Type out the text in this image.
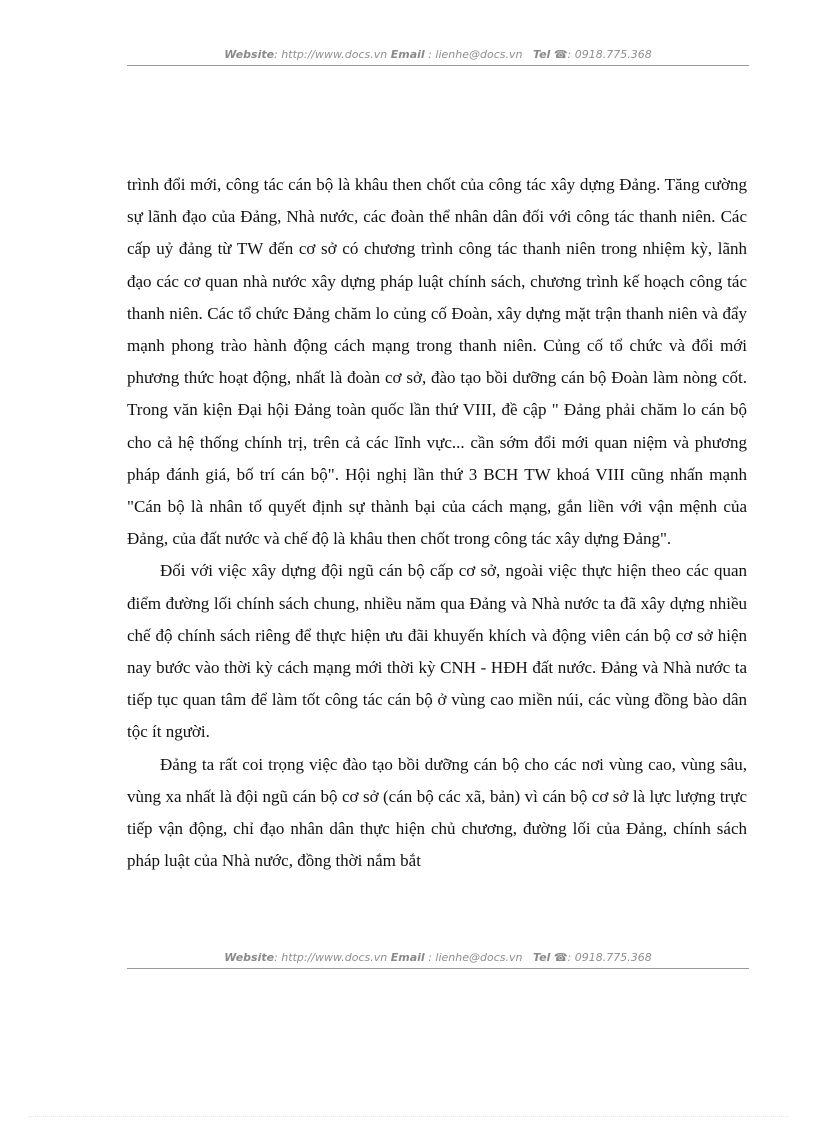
Website: http://www.docs.vn Email : lienhe@docs.vn Tel ☎: 0918.775.368

trình đổi mới, công tác cán bộ là khâu then chốt của công tác xây dựng Đảng. Tăng cường sự lãnh đạo của Đảng, Nhà nước, các đoàn thể nhân dân đối với công tác thanh niên. Các cấp uỷ đảng từ TW đến cơ sở có chương trình công tác thanh niên trong nhiệm kỳ, lãnh đạo các cơ quan nhà nước xây dựng pháp luật chính sách, chương trình kế hoạch công tác thanh niên. Các tổ chức Đảng chăm lo củng cố Đoàn, xây dựng mặt trận thanh niên và đẩy mạnh phong trào hành động cách mạng trong thanh niên. Củng cố tổ chức và đổi mới phương thức hoạt động, nhất là đoàn cơ sở, đào tạo bồi dưỡng cán bộ Đoàn làm nòng cốt. Trong văn kiện Đại hội Đảng toàn quốc lần thứ VIII, đề cập " Đảng phải chăm lo cán bộ cho cả hệ thống chính trị, trên cả các lĩnh vực... cần sớm đổi mới quan niệm và phương pháp đánh giá, bố trí cán bộ". Hội nghị lần thứ 3 BCH TW khoá VIII cũng nhấn mạnh "Cán bộ là nhân tố quyết định sự thành bại của cách mạng, gắn liền với vận mệnh của Đảng, của đất nước và chế độ là khâu then chốt trong công tác xây dựng Đảng".

Đối với việc xây dựng đội ngũ cán bộ cấp cơ sở, ngoài việc thực hiện theo các quan điểm đường lối chính sách chung, nhiều năm qua Đảng và Nhà nước ta đã xây dựng nhiều chế độ chính sách riêng để thực hiện ưu đãi khuyến khích và động viên cán bộ cơ sở hiện nay bước vào thời kỳ cách mạng mới thời kỳ CNH - HĐH đất nước. Đảng và Nhà nước ta tiếp tục quan tâm để làm tốt công tác cán bộ ở vùng cao miền núi, các vùng đồng bào dân tộc ít người.

Đảng ta rất coi trọng việc đào tạo bồi dưỡng cán bộ cho các nơi vùng cao, vùng sâu, vùng xa nhất là đội ngũ cán bộ cơ sở (cán bộ các xã, bản) vì cán bộ cơ sở là lực lượng trực tiếp vận động, chỉ đạo nhân dân thực hiện chủ chương, đường lối của Đảng, chính sách pháp luật của Nhà nước, đồng thời nắm bắt

Website: http://www.docs.vn Email : lienhe@docs.vn Tel ☎: 0918.775.368
